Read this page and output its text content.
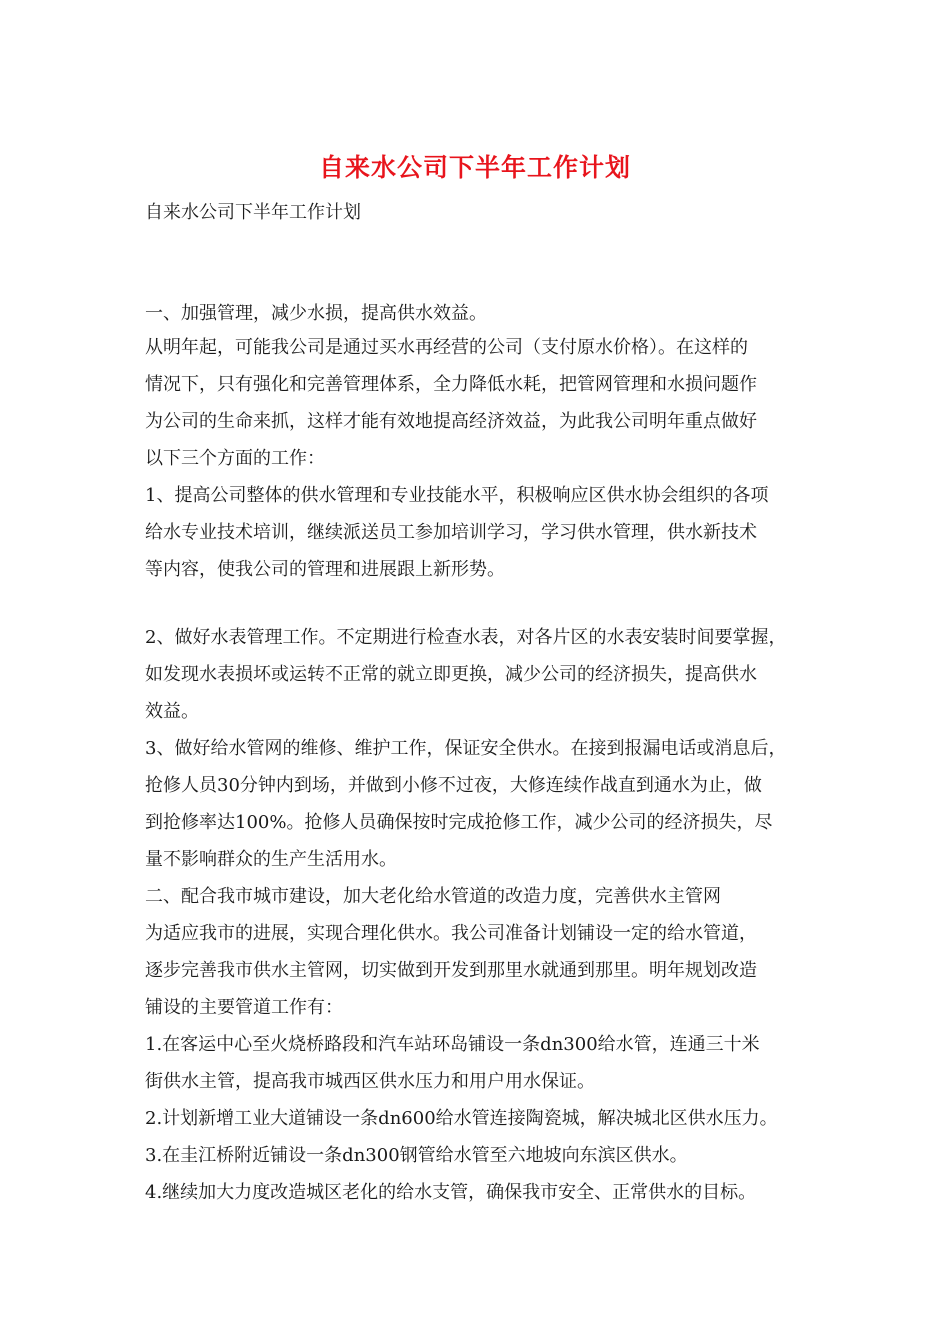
自来水公司下半年工作计划
自来水公司下半年工作计划
一、加强管理，减少水损，提高供水效益。
从明年起，可能我公司是通过买水再经营的公司（支付原水价格）。在这样的
情况下，只有强化和完善管理体系，全力降低水耗，把管网管理和水损问题作
为公司的生命来抓，这样才能有效地提高经济效益，为此我公司明年重点做好
以下三个方面的工作：
1、提高公司整体的供水管理和专业技能水平，积极响应区供水协会组织的各项
给水专业技术培训，继续派送员工参加培训学习，学习供水管理，供水新技术
等内容，使我公司的管理和进展跟上新形势。
2、做好水表管理工作。不定期进行检查水表，对各片区的水表安装时间要掌握，
如发现水表损坏或运转不正常的就立即更换，减少公司的经济损失，提高供水
效益。
3、做好给水管网的维修、维护工作，保证安全供水。在接到报漏电话或消息后，
抢修人员30分钟内到场，并做到小修不过夜，大修连续作战直到通水为止，做
到抢修率达100%。抢修人员确保按时完成抢修工作，减少公司的经济损失，尽
量不影响群众的生产生活用水。
二、配合我市城市建设，加大老化给水管道的改造力度，完善供水主管网
为适应我市的进展，实现合理化供水。我公司准备计划铺设一定的给水管道，
逐步完善我市供水主管网，切实做到开发到那里水就通到那里。明年规划改造
铺设的主要管道工作有：
1.在客运中心至火烧桥路段和汽车站环岛铺设一条dn300给水管，连通三十米
街供水主管，提高我市城西区供水压力和用户用水保证。
2.计划新增工业大道铺设一条dn600给水管连接陶瓷城，解决城北区供水压力。
3.在圭江桥附近铺设一条dn300钢管给水管至六地坡向东滨区供水。
4.继续加大力度改造城区老化的给水支管，确保我市安全、正常供水的目标。
